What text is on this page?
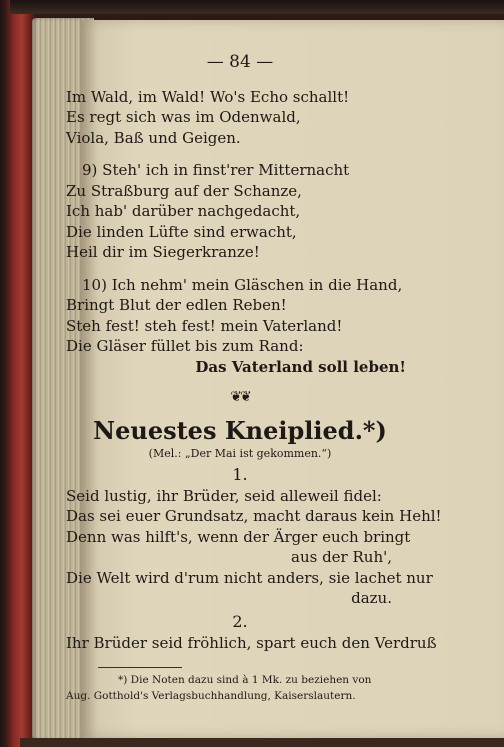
— 84 —
Im Wald, im Wald! Wo's Echo schallt!
Es regt sich was im Odenwald,
Viola, Baß und Geigen.
9) Steh' ich in finst'rer Mitternacht
Zu Straßburg auf der Schanze,
Ich hab' darüber nachgedacht,
Die linden Lüfte sind erwacht,
Heil dir im Siegerkranze!
10) Ich nehm' mein Gläschen in die Hand,
Bringt Blut der edlen Reben!
Steh fest! steh fest! mein Vaterland!
Die Gläser füllet bis zum Rand:
Das Vaterland soll leben!
❦❦
Neuestes Kneiplied.*)
(Mel.: „Der Mai ist gekommen.“)
1.
Seid lustig, ihr Brüder, seid alleweil fidel:
Das sei euer Grundsatz, macht daraus kein Hehl!
Denn was hilft's, wenn der Ärger euch bringt
aus der Ruh',
Die Welt wird d'rum nicht anders, sie lachet nur
dazu.
2.
Ihr Brüder seid fröhlich, spart euch den Verdruß
*) Die Noten dazu sind à 1 Mk. zu beziehen von
Aug. Gotthold's Verlagsbuchhandlung, Kaiserslautern.
